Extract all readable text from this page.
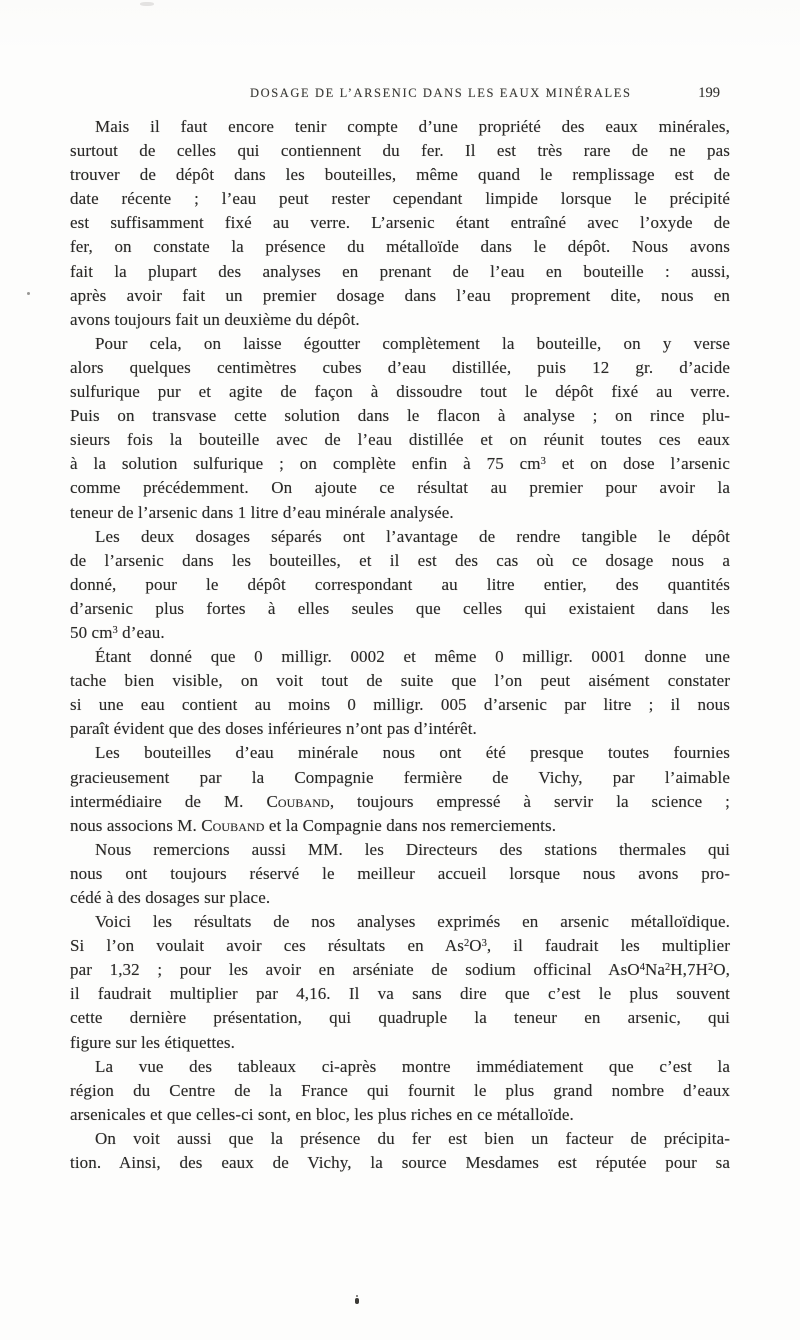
DOSAGE DE L’ARSENIC DANS LES EAUX MINÉRALES	199
Mais il faut encore tenir compte d’une propriété des eaux minérales,
surtout de celles qui contiennent du fer. Il est très rare de ne pas
trouver de dépôt dans les bouteilles, même quand le remplissage est de
date récente ; l’eau peut rester cependant limpide lorsque le précipité
est suffisamment fixé au verre. L’arsenic étant entraîné avec l’oxyde de
fer, on constate la présence du métalloïde dans le dépôt. Nous avons
fait la plupart des analyses en prenant de l’eau en bouteille : aussi,
après avoir fait un premier dosage dans l’eau proprement dite, nous en
avons toujours fait un deuxième du dépôt.
Pour cela, on laisse égoutter complètement la bouteille, on y verse
alors quelques centimètres cubes d’eau distillée, puis 12 gr. d’acide
sulfurique pur et agite de façon à dissoudre tout le dépôt fixé au verre.
Puis on transvase cette solution dans le flacon à analyse ; on rince plu-
sieurs fois la bouteille avec de l’eau distillée et on réunit toutes ces eaux
à la solution sulfurique ; on complète enfin à 75 cm3 et on dose l’arsenic
comme précédemment. On ajoute ce résultat au premier pour avoir la
teneur de l’arsenic dans 1 litre d’eau minérale analysée.
Les deux dosages séparés ont l’avantage de rendre tangible le dépôt
de l’arsenic dans les bouteilles, et il est des cas où ce dosage nous a
donné, pour le dépôt correspondant au litre entier, des quantités
d’arsenic plus fortes à elles seules que celles qui existaient dans les
50 cm3 d’eau.
Étant donné que 0 milligr. 0002 et même 0 milligr. 0001 donne une
tache bien visible, on voit tout de suite que l’on peut aisément constater
si une eau contient au moins 0 milligr. 005 d’arsenic par litre ; il nous
paraît évident que des doses inférieures n’ont pas d’intérêt.
Les bouteilles d’eau minérale nous ont été presque toutes fournies
gracieusement par la Compagnie fermière de Vichy, par l’aimable
intermédiaire de M. Couband, toujours empressé à servir la science ;
nous associons M. Couband et la Compagnie dans nos remerciements.
Nous remercions aussi MM. les Directeurs des stations thermales qui
nous ont toujours réservé le meilleur accueil lorsque nous avons pro-
cédé à des dosages sur place.
Voici les résultats de nos analyses exprimés en arsenic métalloïdique.
Si l’on voulait avoir ces résultats en As2O3, il faudrait les multiplier
par 1,32 ; pour les avoir en arséniate de sodium officinal AsO4Na2H,7H2O,
il faudrait multiplier par 4,16. Il va sans dire que c’est le plus souvent
cette dernière présentation, qui quadruple la teneur en arsenic, qui
figure sur les étiquettes.
La vue des tableaux ci-après montre immédiatement que c’est la
région du Centre de la France qui fournit le plus grand nombre d’eaux
arsenicales et que celles-ci sont, en bloc, les plus riches en ce métalloïde.
On voit aussi que la présence du fer est bien un facteur de précipita-
tion. Ainsi, des eaux de Vichy, la source Mesdames est réputée pour sa
